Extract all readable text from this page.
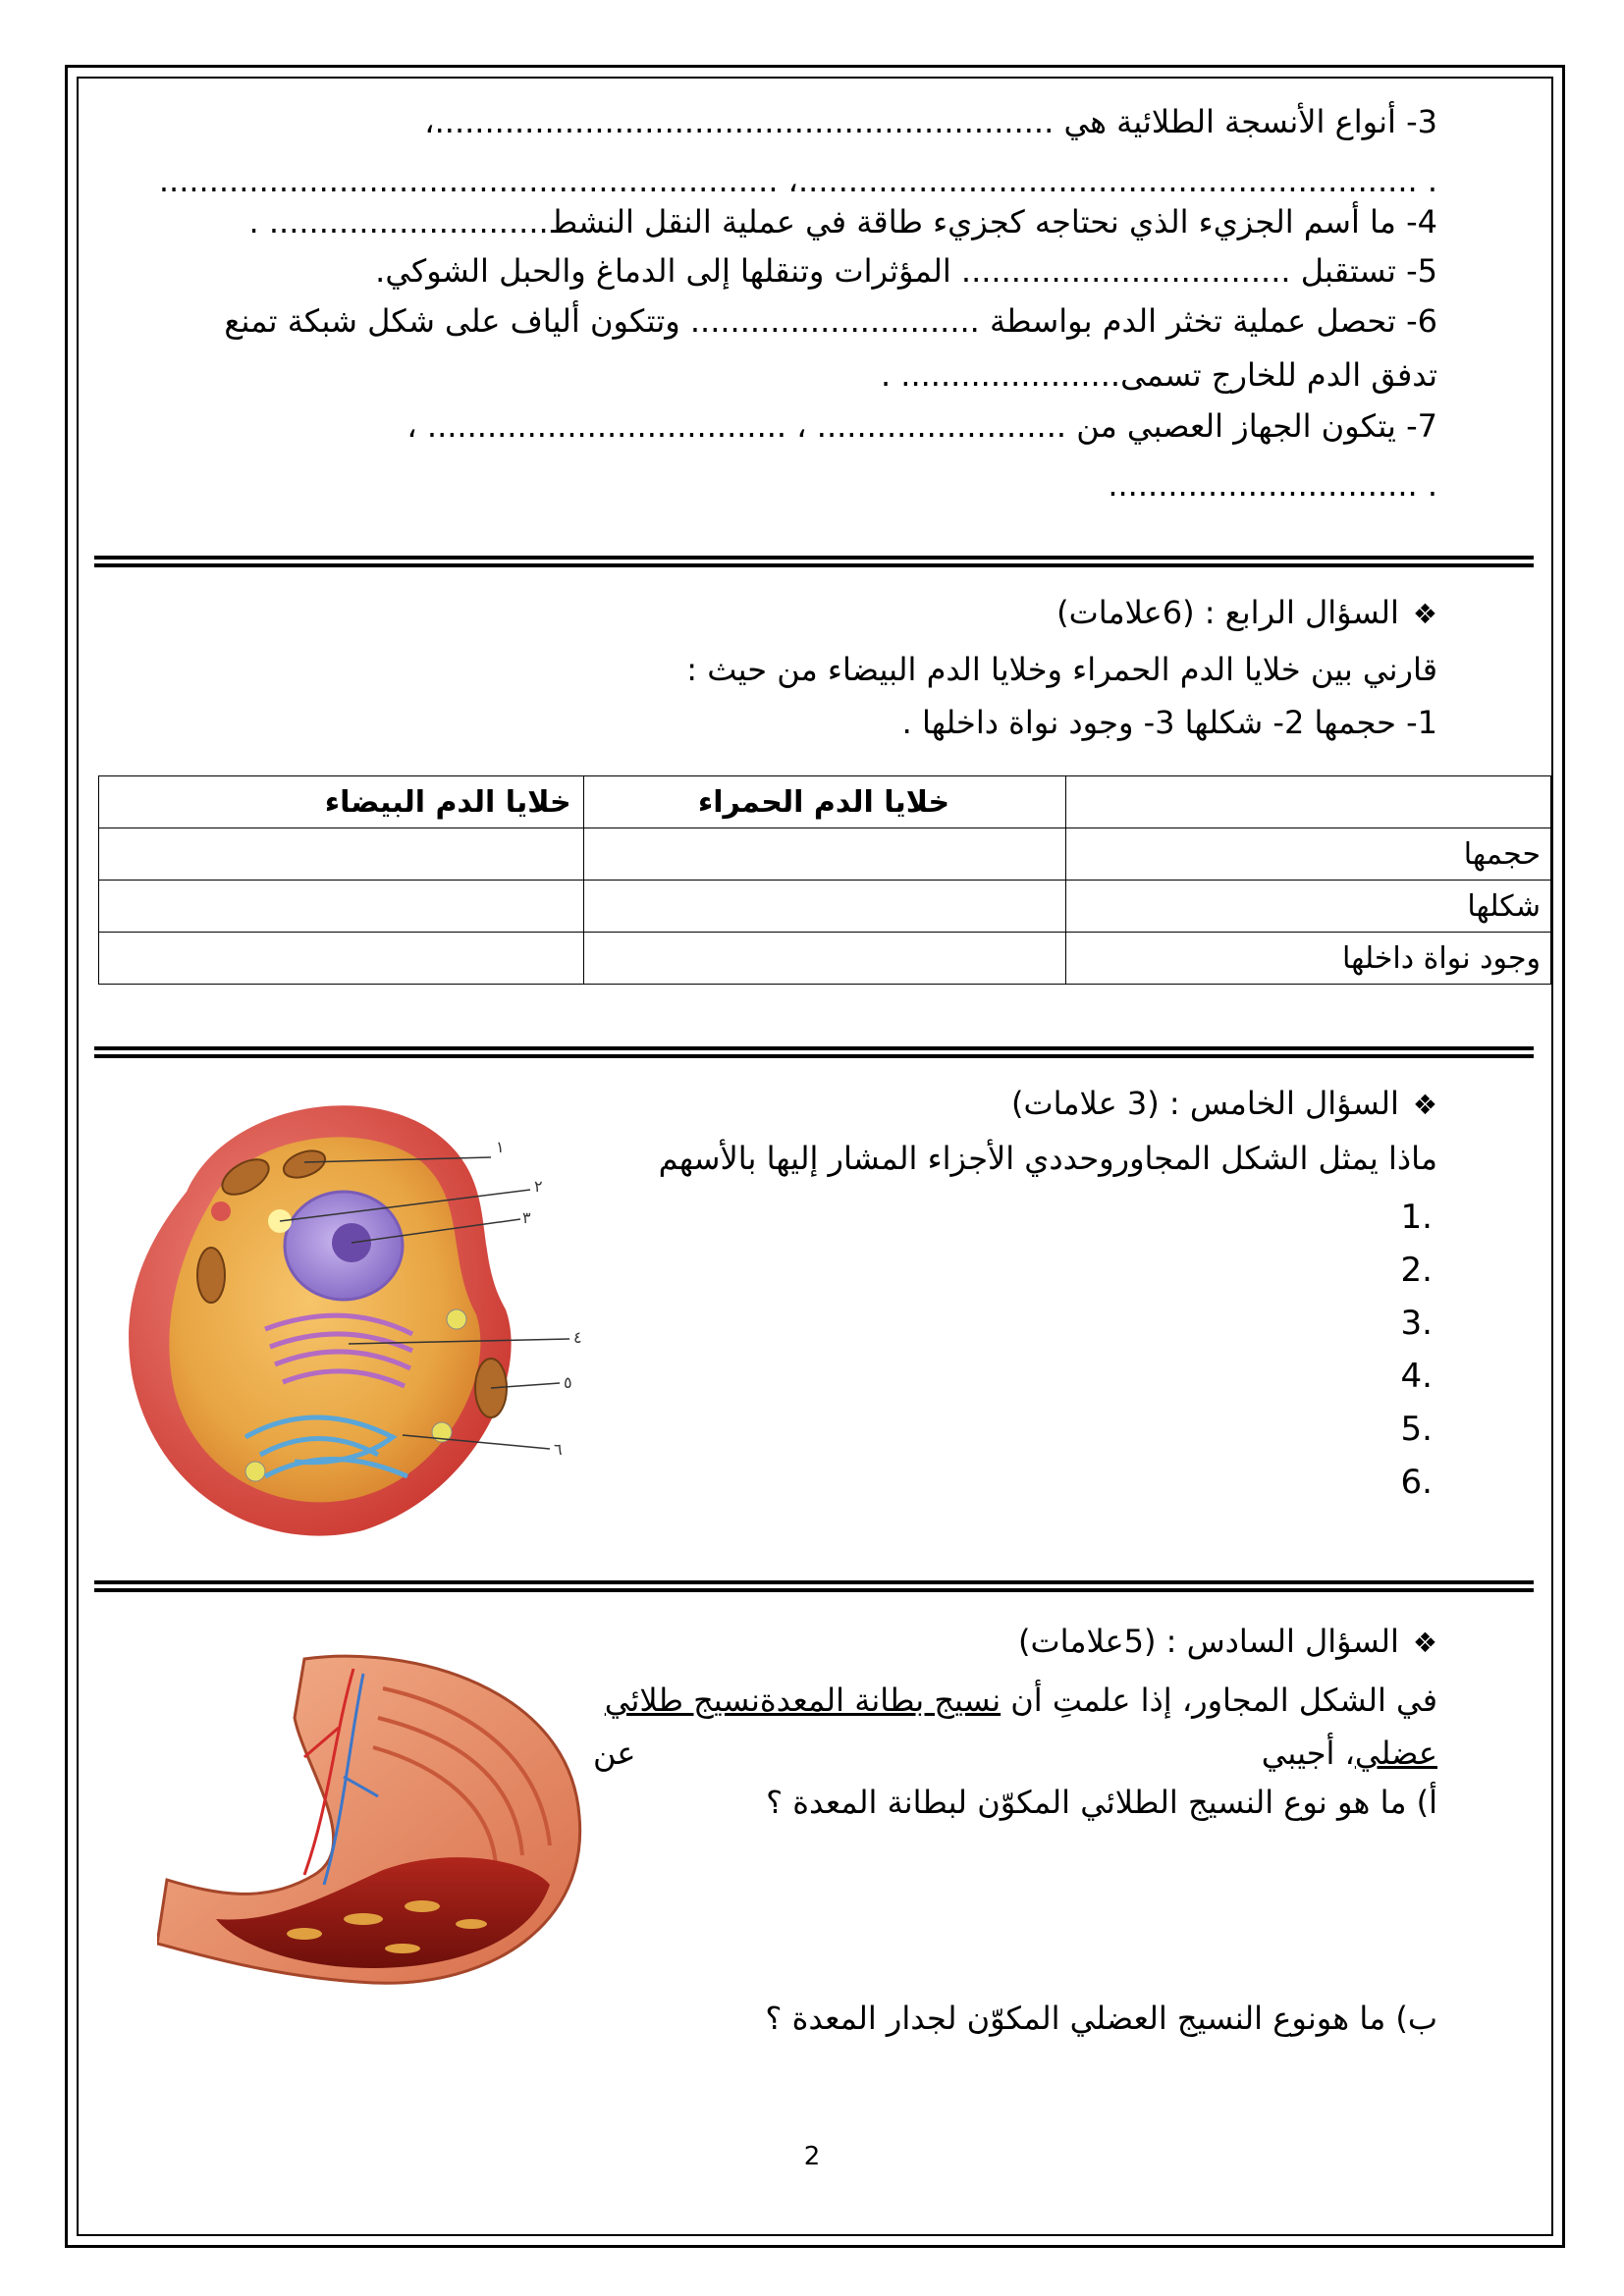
3- أنواع الأنسجة الطلائية هي ..............................................................،
. ..............................................................، ..............................................................
4- ما أسم الجزيء الذي نحتاجه كجزيء طاقة في عملية النقل النشط............................ .
5- تستقبل ................................. المؤثرات وتنقلها إلى الدماغ والحبل الشوكي.
6- تحصل عملية تخثر الدم بواسطة ............................. وتتكون ألياف على شكل شبكة تمنع
تدفق الدم للخارج تسمى...................... .
7- يتكون الجهاز العصبي من ......................... ، .................................... ،
. ...............................
❖السؤال الرابع : (6علامات)
قارني بين خلايا الدم الحمراء وخلايا الدم البيضاء من حيث :
1- حجمها 2- شكلها 3- وجود نواة داخلها .
	خلايا الدم الحمراء	خلايا الدم البيضاء
حجمها		
شكلها		
وجود نواة داخلها		
❖السؤال الخامس : (3 علامات)
ماذا يمثل الشكل المجاوروحددي الأجزاء المشار إليها بالأسهم
1.
2.
3.
4.
5.
6.
١
٢
٣
٤
٥
٦
❖السؤال السادس : (5علامات)
في الشكل المجاور، إذا علمتِ أن نسيج بطانة المعدةنسيج طلائي
عضلي، أجيبي
عن
أ) ما هو نوع النسيج الطلائي المكوّن لبطانة المعدة ؟
ب) ما هونوع النسيج العضلي المكوّن لجدار المعدة ؟
2
